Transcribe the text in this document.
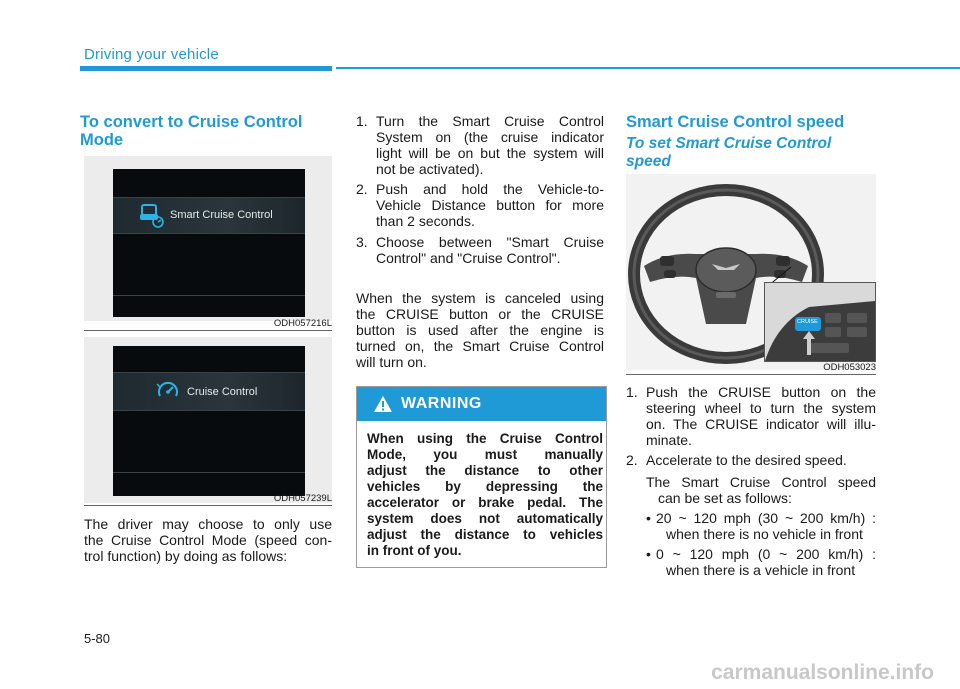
Driving your vehicle
To convert to Cruise Control
Mode
Smart Cruise Control
ODH057216L
Cruise Control
ODH057239L
The driver may choose to only use
the Cruise Control Mode (speed con-
trol function) by doing as follows:
1. Turn the Smart Cruise Control
System on (the cruise indicator
light will be on but the system will
not be activated).
2. Push and hold the Vehicle-to-
Vehicle Distance button for more
than 2 seconds.
3. Choose between "Smart Cruise
Control" and "Cruise Control".
When the system is canceled using
the CRUISE button or the CRUISE
button is used after the engine is
turned on, the Smart Cruise Control
will turn on.
WARNING
When using the Cruise Control
Mode, you must manually
adjust the distance to other
vehicles by depressing the
accelerator or brake pedal. The
system does not automatically
adjust the distance to vehicles
in front of you.
Smart Cruise Control speed
To set Smart Cruise Control
speed
CRUISE
ODH053023
1. Push the CRUISE button on the
steering wheel to turn the system
on. The CRUISE indicator will illu-
minate.
2. Accelerate to the desired speed.
The Smart Cruise Control speed
can be set as follows:
• 20 ~ 120 mph (30 ~ 200 km/h) :
when there is no vehicle in front
• 0 ~ 120 mph (0 ~ 200 km/h) :
when there is a vehicle in front
5-80
carmanualsonline.info
